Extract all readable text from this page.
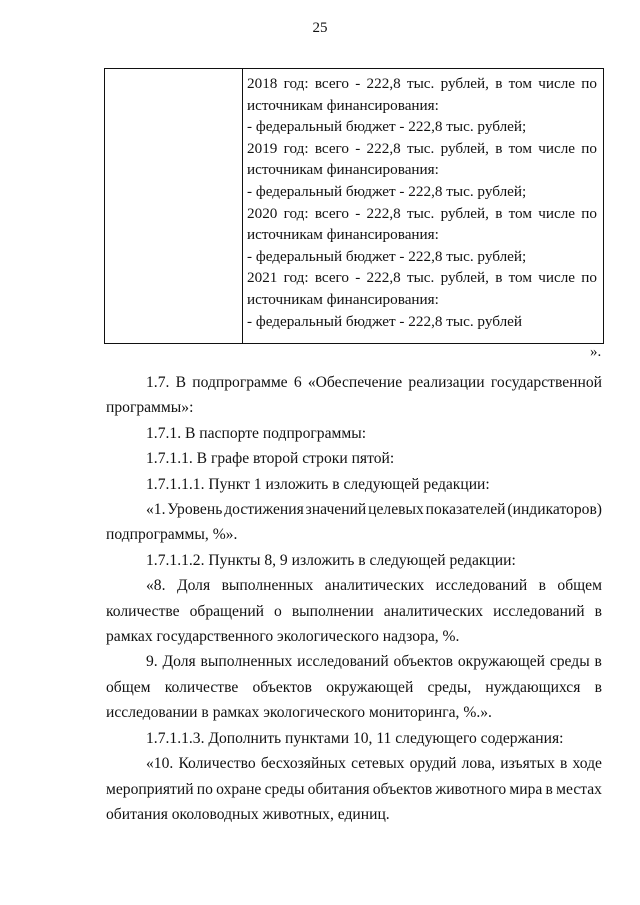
25
2018 год: всего - 222,8 тыс. рублей, в том числе по
источникам финансирования:
- федеральный бюджет - 222,8 тыс. рублей;
2019 год: всего - 222,8 тыс. рублей, в том числе по
источникам финансирования:
- федеральный бюджет - 222,8 тыс. рублей;
2020 год: всего - 222,8 тыс. рублей, в том числе по
источникам финансирования:
- федеральный бюджет - 222,8 тыс. рублей;
2021 год: всего - 222,8 тыс. рублей, в том числе по
источникам финансирования:
- федеральный бюджет - 222,8 тыс. рублей
».
1.7. В подпрограмме 6 «Обеспечение реализации государственной

программы»:

1.7.1. В паспорте подпрограммы:

1.7.1.1. В графе второй строки пятой:

1.7.1.1.1. Пункт 1 изложить в следующей редакции:

«1. Уровень достижения значений целевых показателей (индикаторов)

подпрограммы, %».

1.7.1.1.2. Пункты 8, 9 изложить в следующей редакции:

«8. Доля выполненных аналитических исследований в общем
количестве обращений о выполнении аналитических исследований в

рамках государственного экологического надзора, %.

9. Доля выполненных исследований объектов окружающей среды в
общем количестве объектов окружающей среды, нуждающихся в

исследовании в рамках экологического мониторинга, %.».

1.7.1.1.3. Дополнить пунктами 10, 11 следующего содержания:

«10. Количество бесхозяйных сетевых орудий лова, изъятых в ходе
мероприятий по охране среды обитания объектов животного мира в местах

обитания околоводных животных, единиц.
